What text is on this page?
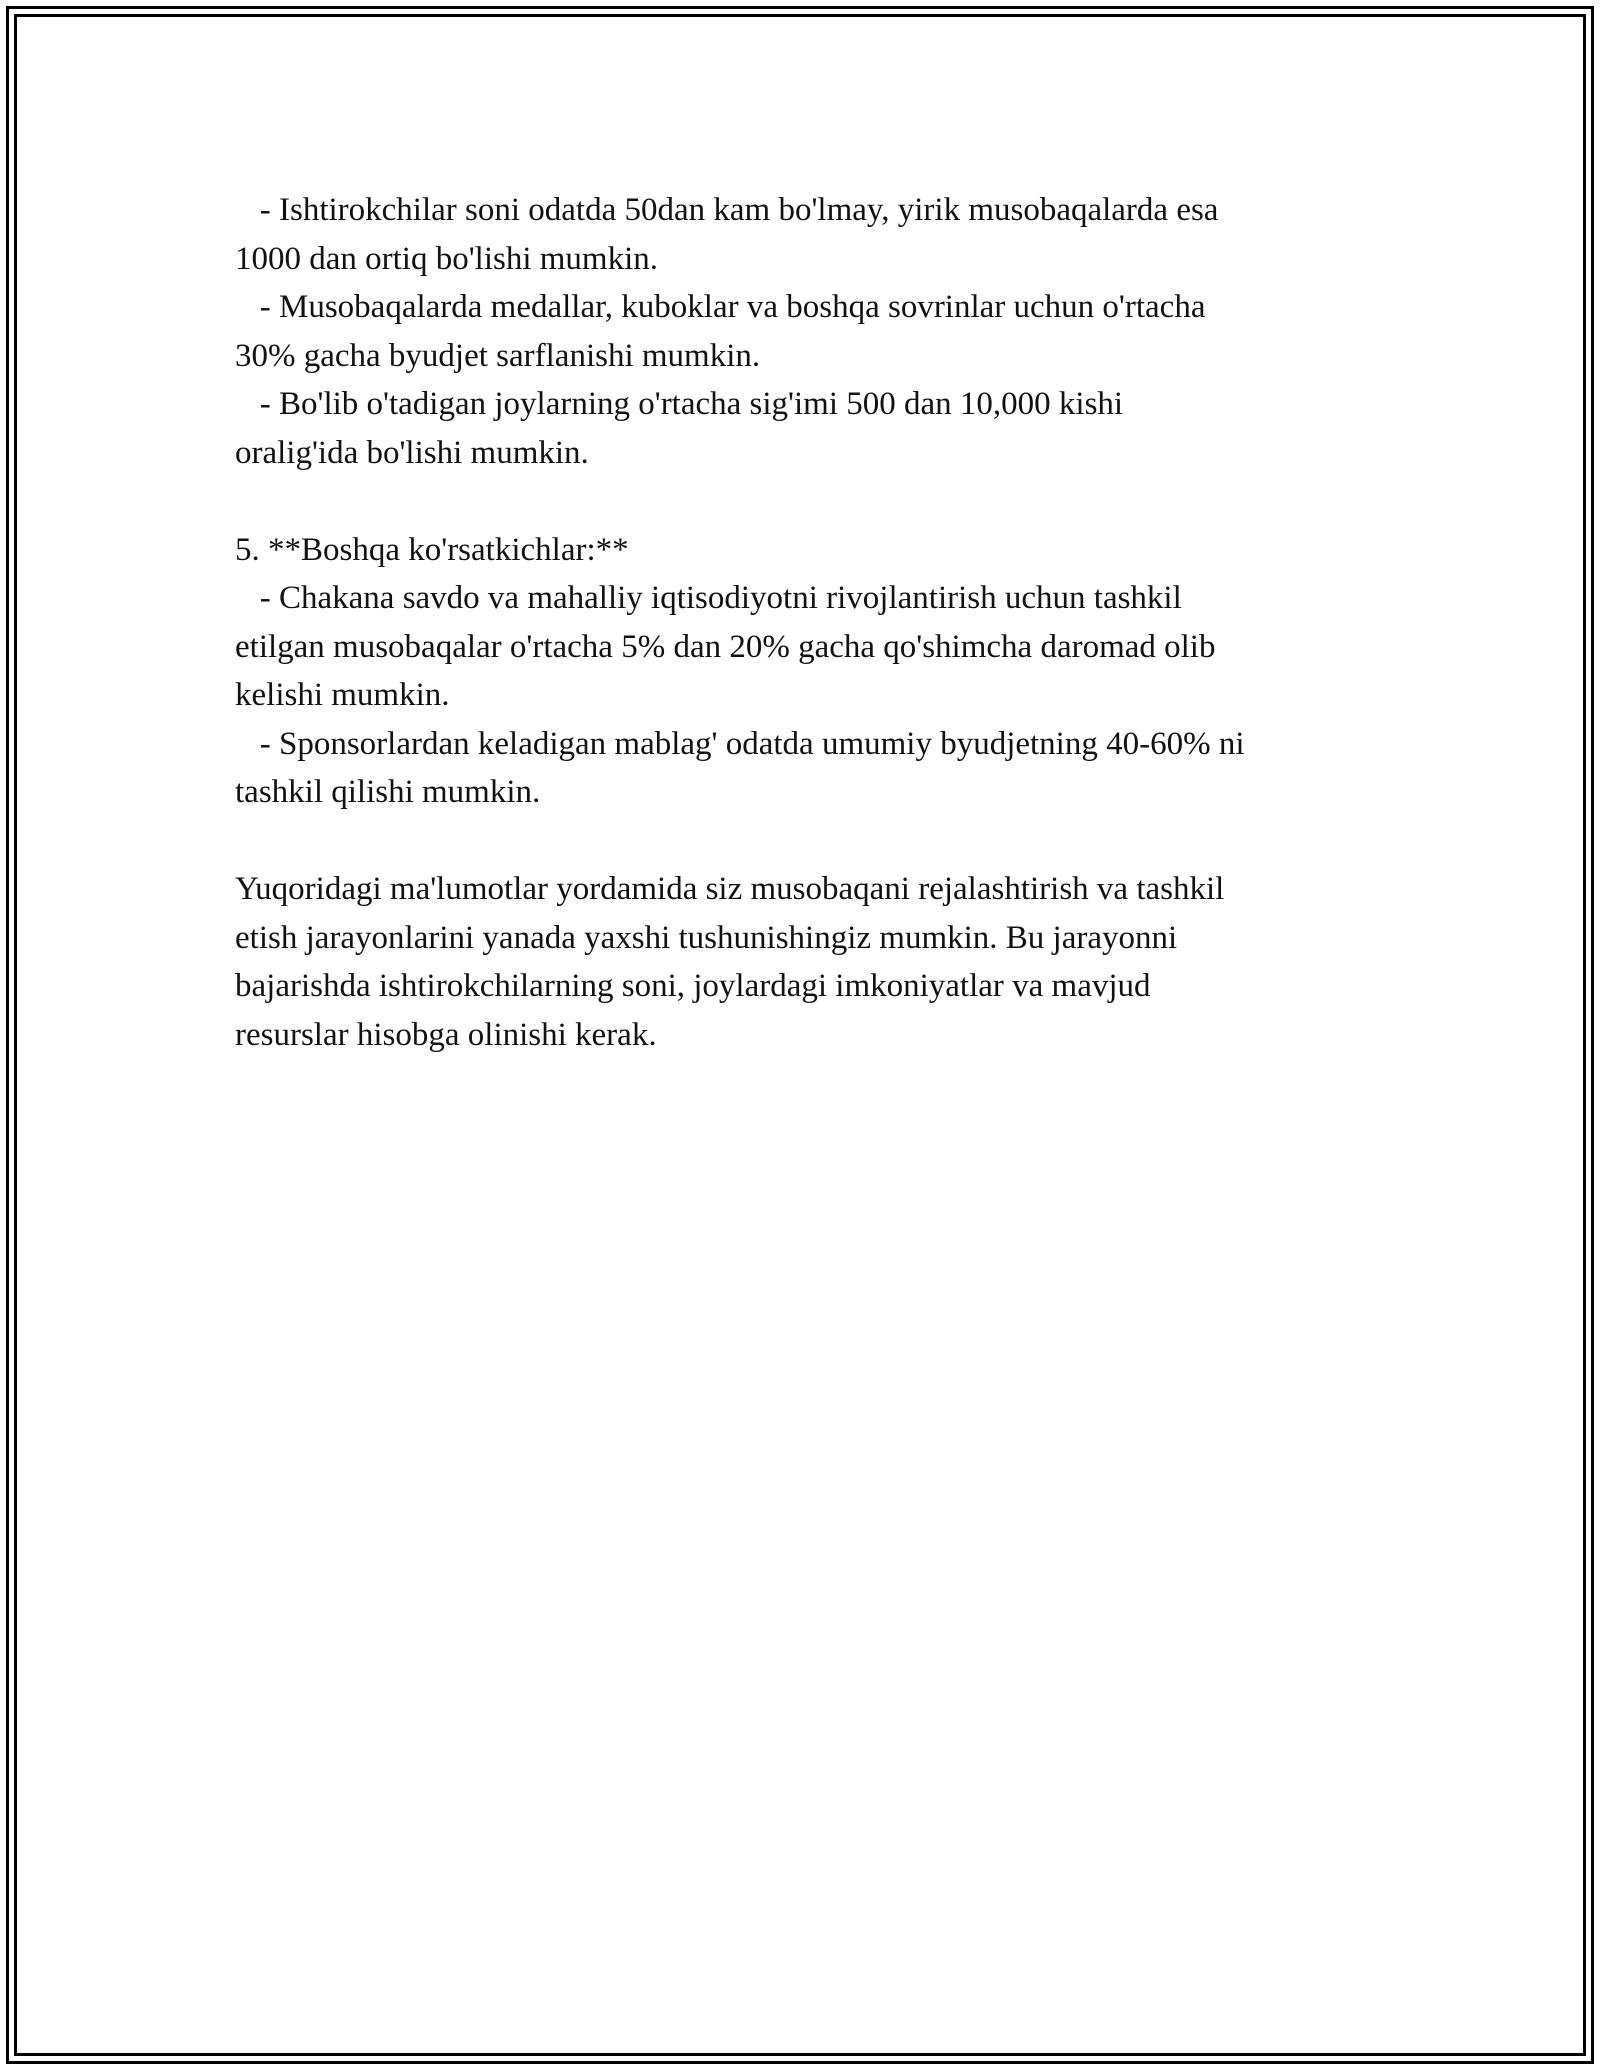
- Ishtirokchilar soni odatda 50dan kam bo'lmay, yirik musobaqalarda esa

1000 dan ortiq bo'lishi mumkin.

- Musobaqalarda medallar, kuboklar va boshqa sovrinlar uchun o'rtacha

30% gacha byudjet sarflanishi mumkin.

- Bo'lib o'tadigan joylarning o'rtacha sig'imi 500 dan 10,000 kishi

oralig'ida bo'lishi mumkin.

5. **Boshqa ko'rsatkichlar:**

- Chakana savdo va mahalliy iqtisodiyotni rivojlantirish uchun tashkil

etilgan musobaqalar o'rtacha 5% dan 20% gacha qo'shimcha daromad olib

kelishi mumkin.

- Sponsorlardan keladigan mablag' odatda umumiy byudjetning 40-60% ni

tashkil qilishi mumkin.

Yuqoridagi ma'lumotlar yordamida siz musobaqani rejalashtirish va tashkil

etish jarayonlarini yanada yaxshi tushunishingiz mumkin. Bu jarayonni

bajarishda ishtirokchilarning soni, joylardagi imkoniyatlar va mavjud

resurslar hisobga olinishi kerak.
